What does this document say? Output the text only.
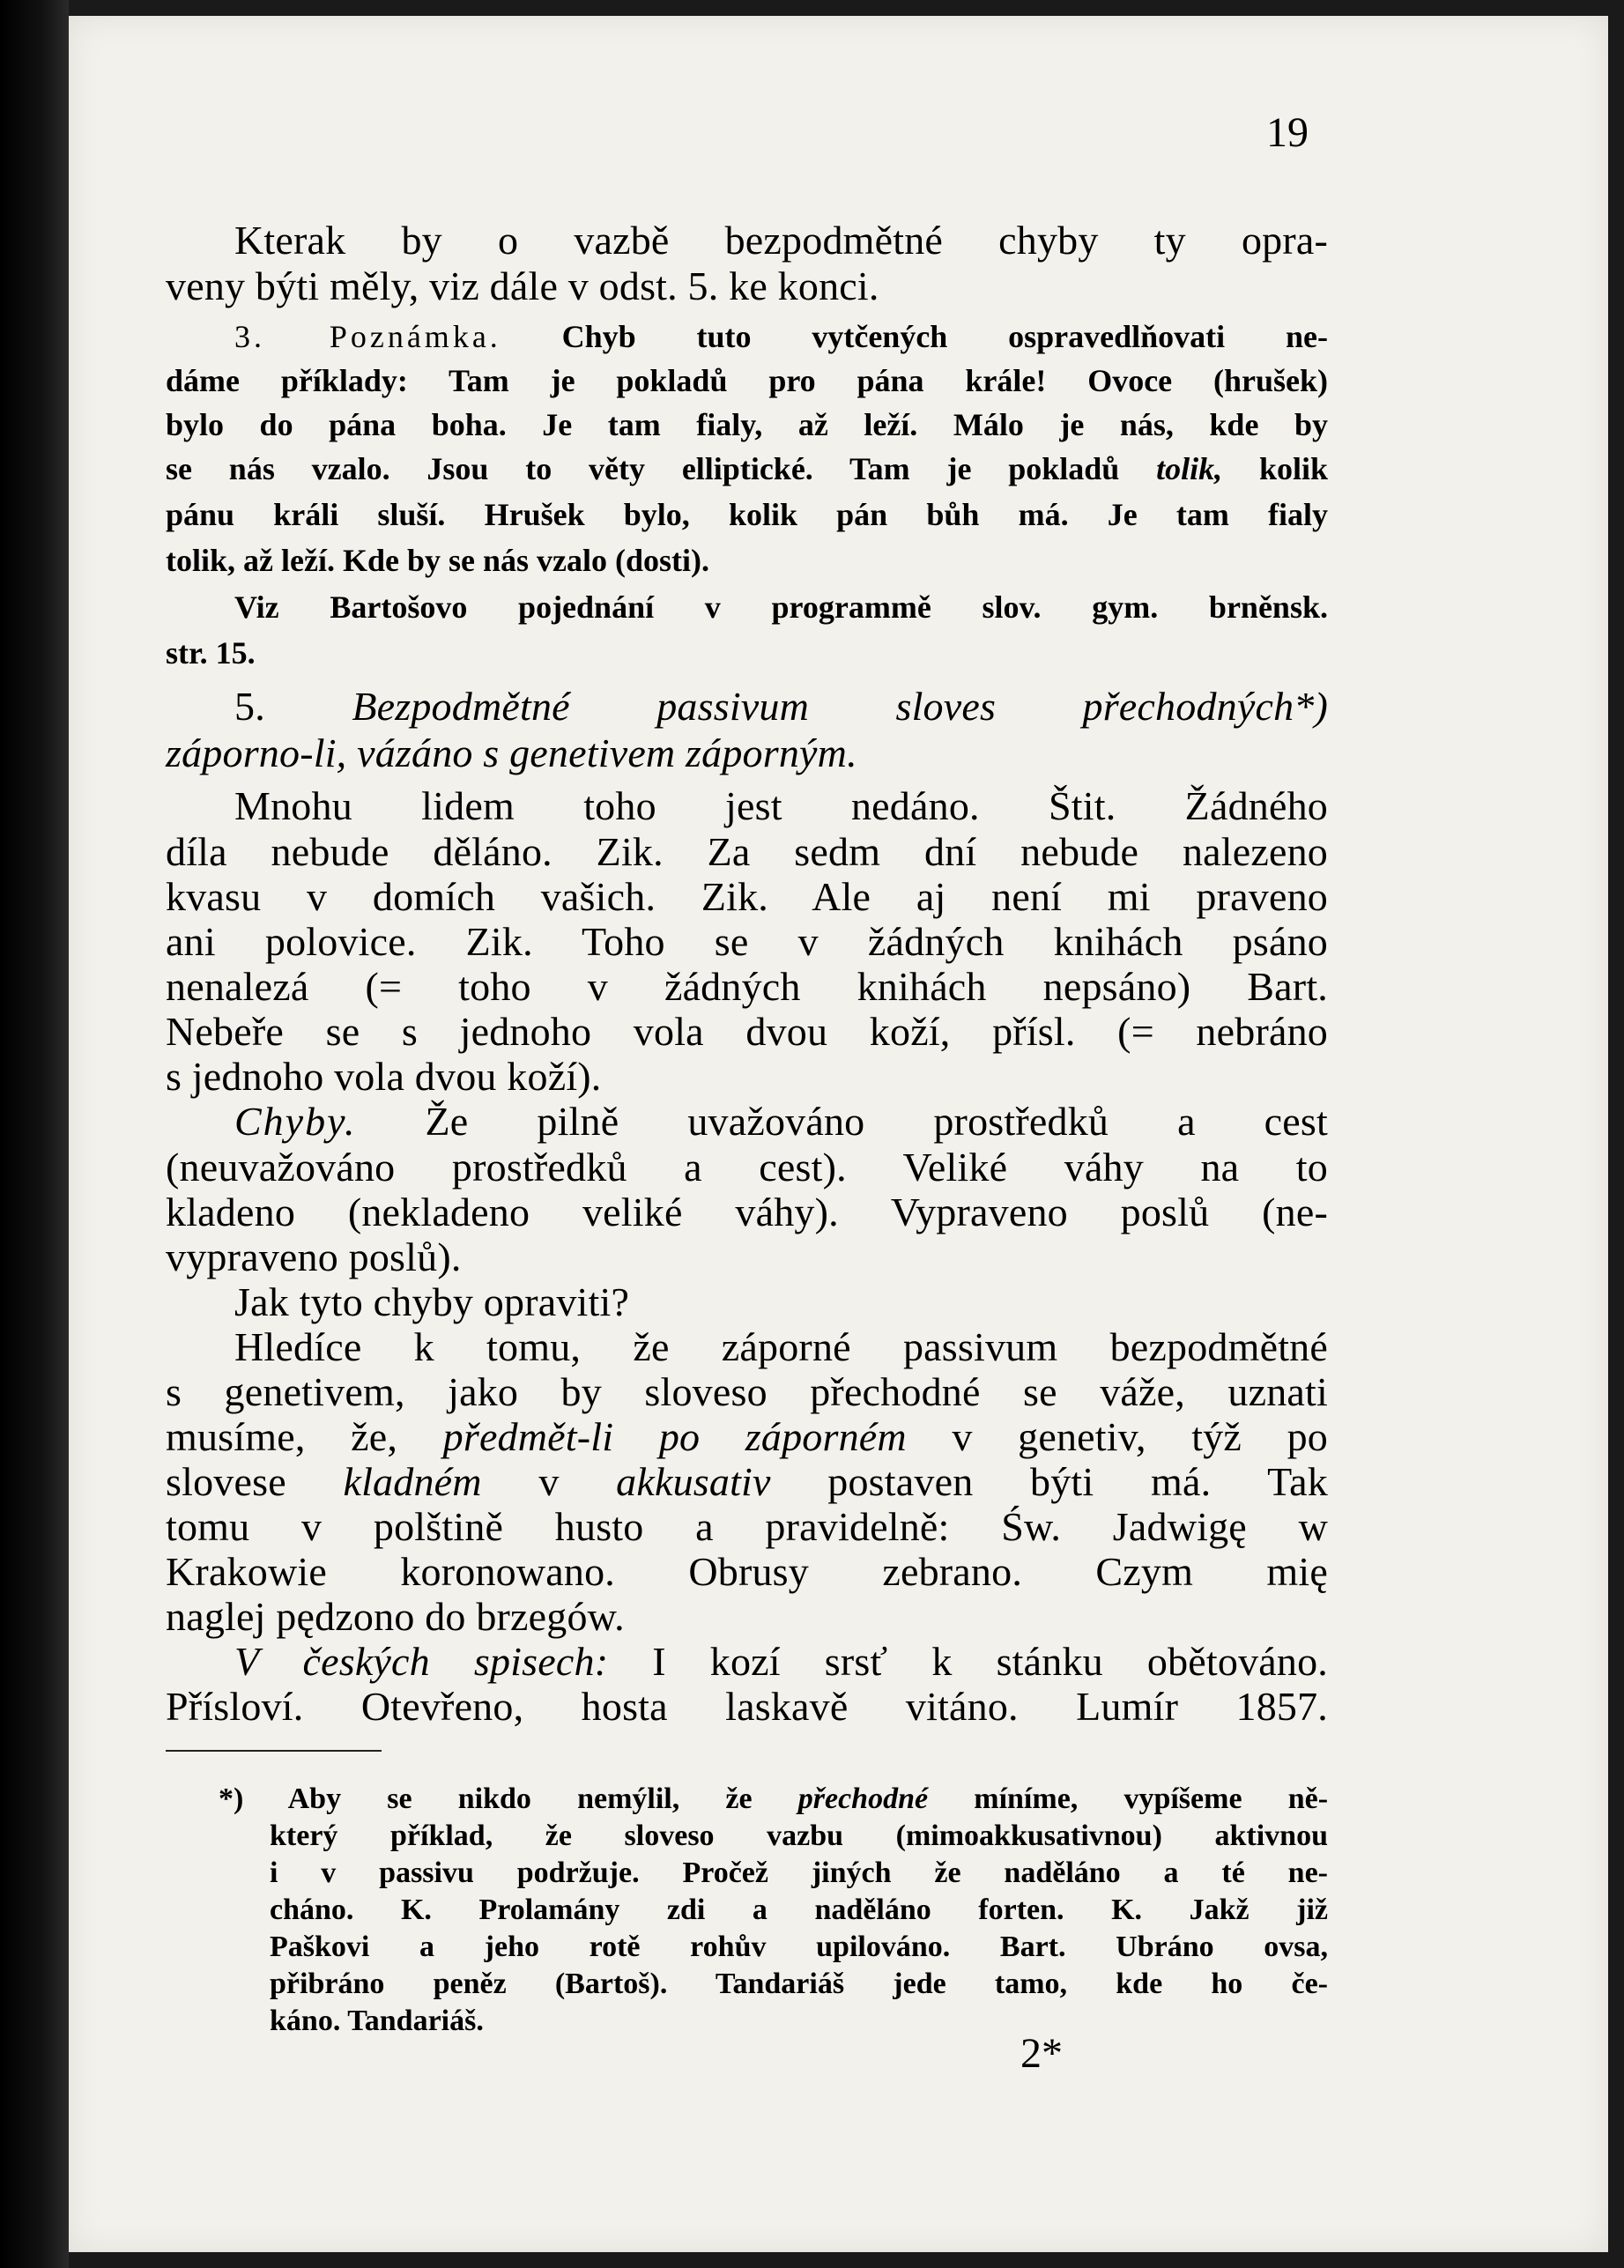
19
Kterak by o vazbě bezpodmětné chyby ty opra-
veny býti měly, viz dále v odst. 5. ke konci.
3. Poznámka. Chyb tuto vytčených ospravedlňovati ne-
dáme příklady: Tam je pokladů pro pána krále! Ovoce (hrušek)
bylo do pána boha. Je tam fialy, až leží. Málo je nás, kde by
se nás vzalo. Jsou to věty elliptické. Tam je pokladů tolik, kolik
pánu králi sluší. Hrušek bylo, kolik pán bůh má. Je tam fialy
tolik, až leží. Kde by se nás vzalo (dosti).
Viz Bartošovo pojednání v programmě slov. gym. brněnsk.
str. 15.
5. Bezpodmětné passivum sloves přechodných*)
záporno-li, vázáno s genetivem záporným.
Mnohu lidem toho jest nedáno. Štit. Žádného
díla nebude děláno. Zik. Za sedm dní nebude nalezeno
kvasu v domích vašich. Zik. Ale aj není mi praveno
ani polovice. Zik. Toho se v žádných knihách psáno
nenalezá (= toho v žádných knihách nepsáno) Bart.
Nebeře se s jednoho vola dvou koží, přísl. (= nebráno
s jednoho vola dvou koží).
Chyby. Že pilně uvažováno prostředků a cest
(neuvažováno prostředků a cest). Veliké váhy na to
kladeno (nekladeno veliké váhy). Vypraveno poslů (ne-
vypraveno poslů).
Jak tyto chyby opraviti?
Hledíce k tomu, že záporné passivum bezpodmětné
s genetivem, jako by sloveso přechodné se váže, uznati
musíme, že, předmět-li po záporném v genetiv, týž po
slovese kladném v akkusativ postaven býti má. Tak
tomu v polštině husto a pravidelně: Św. Jadwigę w
Krakowie koronowano. Obrusy zebrano. Czym mię
naglej pędzono do brzegów.
V českých spisech: I kozí srsť k stánku obětováno.
Přísloví. Otevřeno, hosta laskavě vitáno. Lumír 1857.
*) Aby se nikdo nemýlil, že přechodné míníme, vypíšeme ně-
který příklad, že sloveso vazbu (mimoakkusativnou) aktivnou
i v passivu podržuje. Pročež jiných že naděláno a té ne-
cháno. K. Prolamány zdi a naděláno forten. K. Jakž již
Paškovi a jeho rotě rohův upilováno. Bart. Ubráno ovsa,
přibráno peněz (Bartoš). Tandariáš jede tamo, kde ho če-
káno. Tandariáš.
2*
